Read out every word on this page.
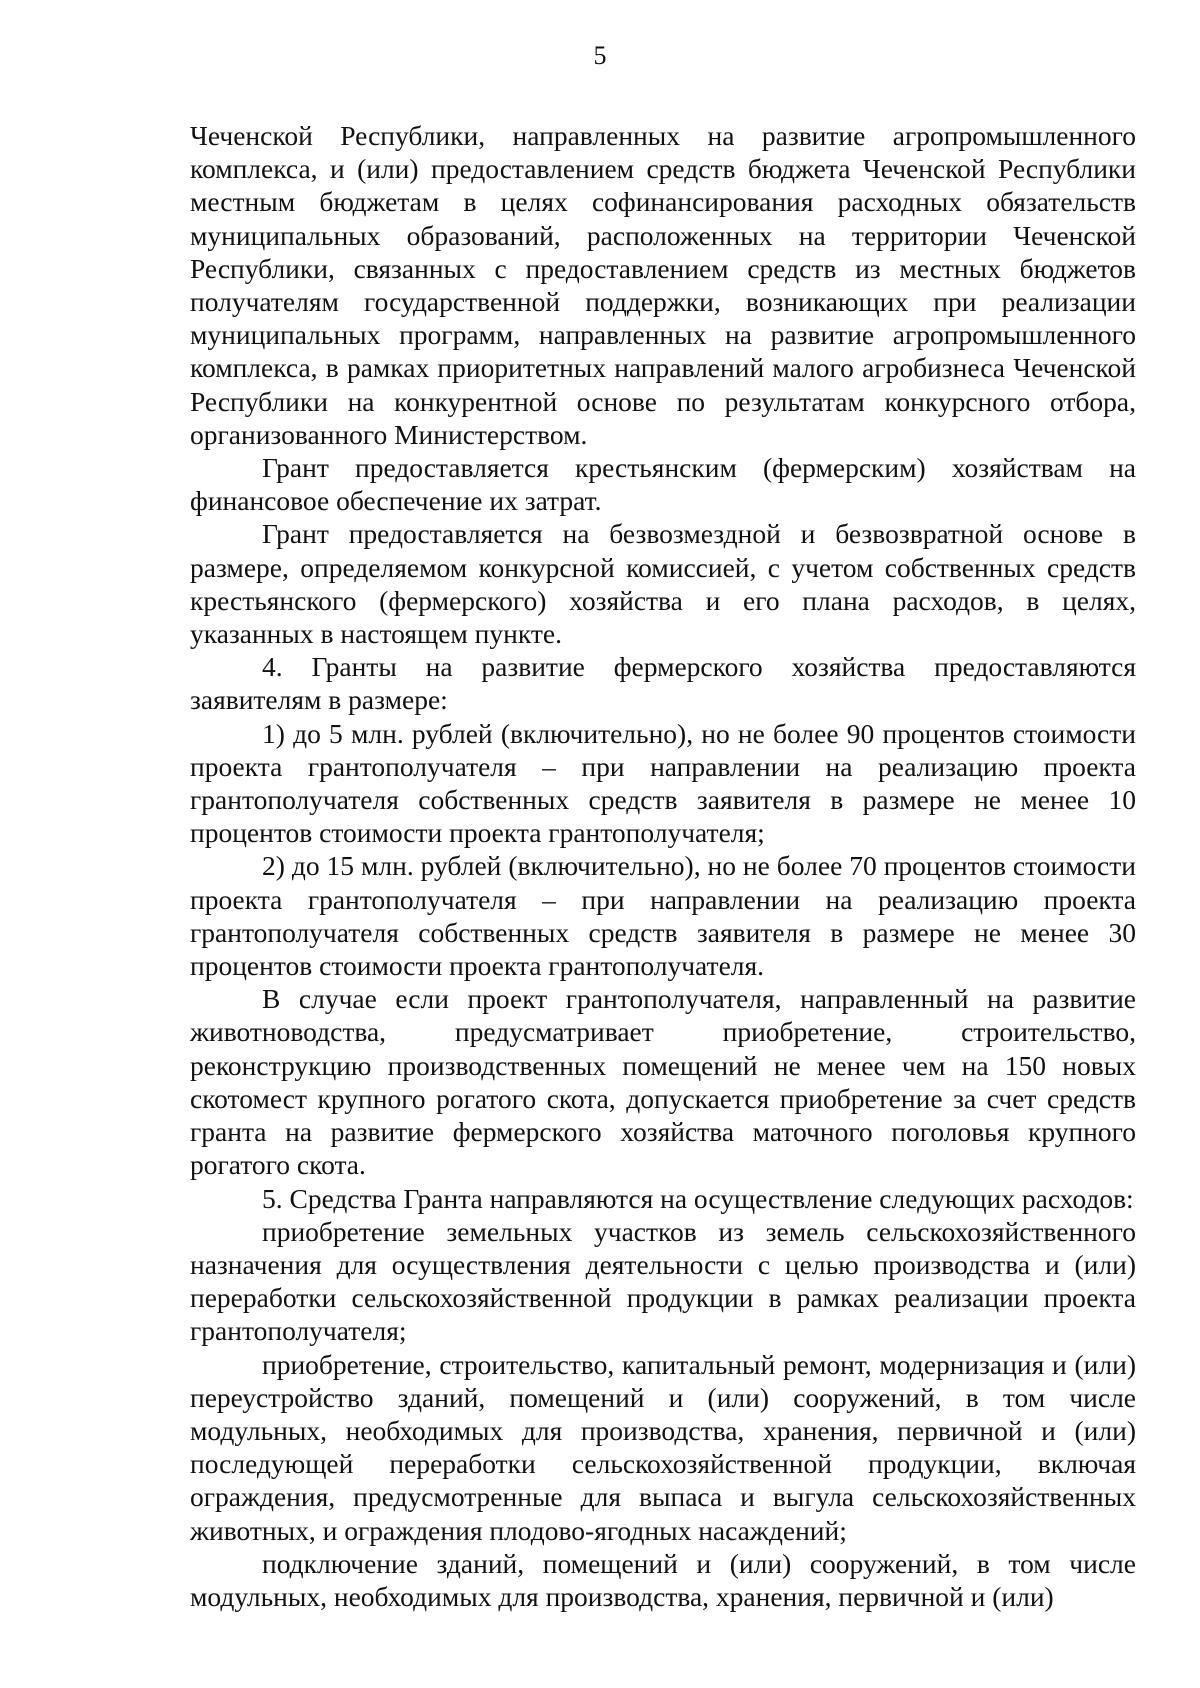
5

Чеченской Республики, направленных на развитие агропромышленного комплекса, и (или) предоставлением средств бюджета Чеченской Республики местным бюджетам в целях софинансирования расходных обязательств муниципальных образований, расположенных на территории Чеченской Республики, связанных с предоставлением средств из местных бюджетов получателям государственной поддержки, возникающих при реализации муниципальных программ, направленных на развитие агропромышленного комплекса, в рамках приоритетных направлений малого агробизнеса Чеченской Республики на конкурентной основе по результатам конкурсного отбора, организованного Министерством.

Грант предоставляется крестьянским (фермерским) хозяйствам на финансовое обеспечение их затрат.

Грант предоставляется на безвозмездной и безвозвратной основе в размере, определяемом конкурсной комиссией, с учетом собственных средств крестьянского (фермерского) хозяйства и его плана расходов, в целях, указанных в настоящем пункте.

4. Гранты на развитие фермерского хозяйства предоставляются заявителям в размере:

1) до 5 млн. рублей (включительно), но не более 90 процентов стоимости проекта грантополучателя – при направлении на реализацию проекта грантополучателя собственных средств заявителя в размере не менее 10 процентов стоимости проекта грантополучателя;

2) до 15 млн. рублей (включительно), но не более 70 процентов стоимости проекта грантополучателя – при направлении на реализацию проекта грантополучателя собственных средств заявителя в размере не менее 30 процентов стоимости проекта грантополучателя.

В случае если проект грантополучателя, направленный на развитие животноводства, предусматривает приобретение, строительство, реконструкцию производственных помещений не менее чем на 150 новых скотомест крупного рогатого скота, допускается приобретение за счет средств гранта на развитие фермерского хозяйства маточного поголовья крупного рогатого скота.

5. Средства Гранта направляются на осуществление следующих расходов:

приобретение земельных участков из земель сельскохозяйственного назначения для осуществления деятельности с целью производства и (или) переработки сельскохозяйственной продукции в рамках реализации проекта грантополучателя;

приобретение, строительство, капитальный ремонт, модернизация и (или) переустройство зданий, помещений и (или) сооружений, в том числе модульных, необходимых для производства, хранения, первичной и (или) последующей переработки сельскохозяйственной продукции, включая ограждения, предусмотренные для выпаса и выгула сельскохозяйственных животных, и ограждения плодово-ягодных насаждений;

подключение зданий, помещений и (или) сооружений, в том числе модульных, необходимых для производства, хранения, первичной и (или)
